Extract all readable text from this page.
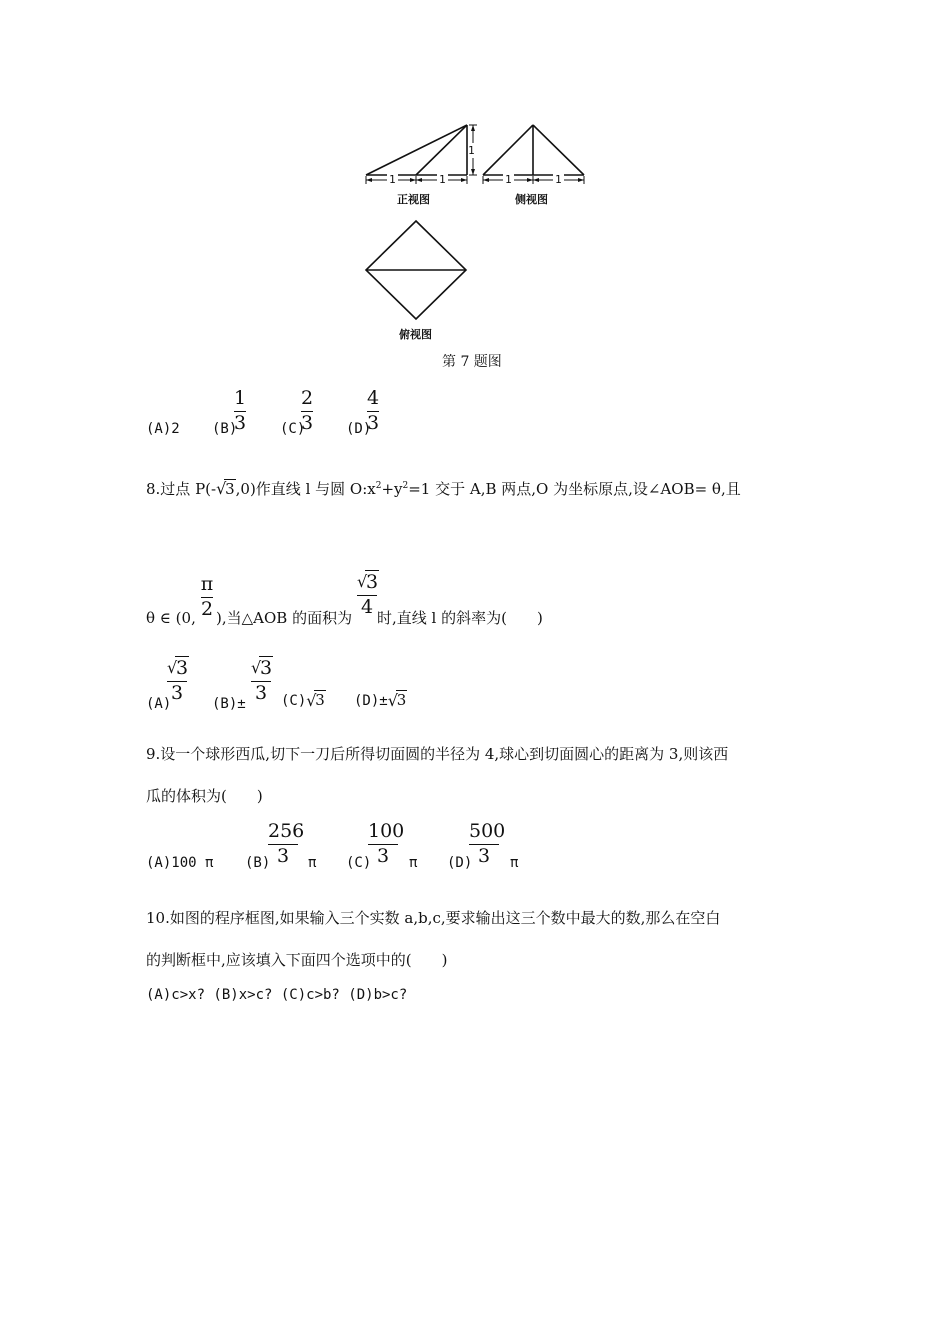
1	1
1
1	1
正视图	侧视图
俯视图
第 7 题图
(A)2 (B)
1
3 (C)
2
3 (D)
4
3
8.过点 P(- √
3,0)作直线 l 与圆 $O:x^2+y^2=1$ 交于 A,B 两点,O 为坐标原点,设∠AOB= θ,且
θ ∈ (0,
π
2 ),当△AOB 的面积为
√
3
4 时,直线 l 的斜率为(　　)
(A)
√
3
3	(B)±
√
3
3 (C) √
3 (D)± √
3
9.设一个球形西瓜,切下一刀后所得切面圆的半径为 4,球心到切面圆心的距离为 3,则该西
瓜的体积为(　　)
(A)100 π (B)
256
3	π (C)
100
3	π (D)
500
3	π
10.如图的程序框图,如果输入三个实数 a,b,c,要求输出这三个数中最大的数,那么在空白
的判断框中,应该填入下面四个选项中的(　　)
(A)c>x? (B)x>c? (C)c>b? (D)b>c?
